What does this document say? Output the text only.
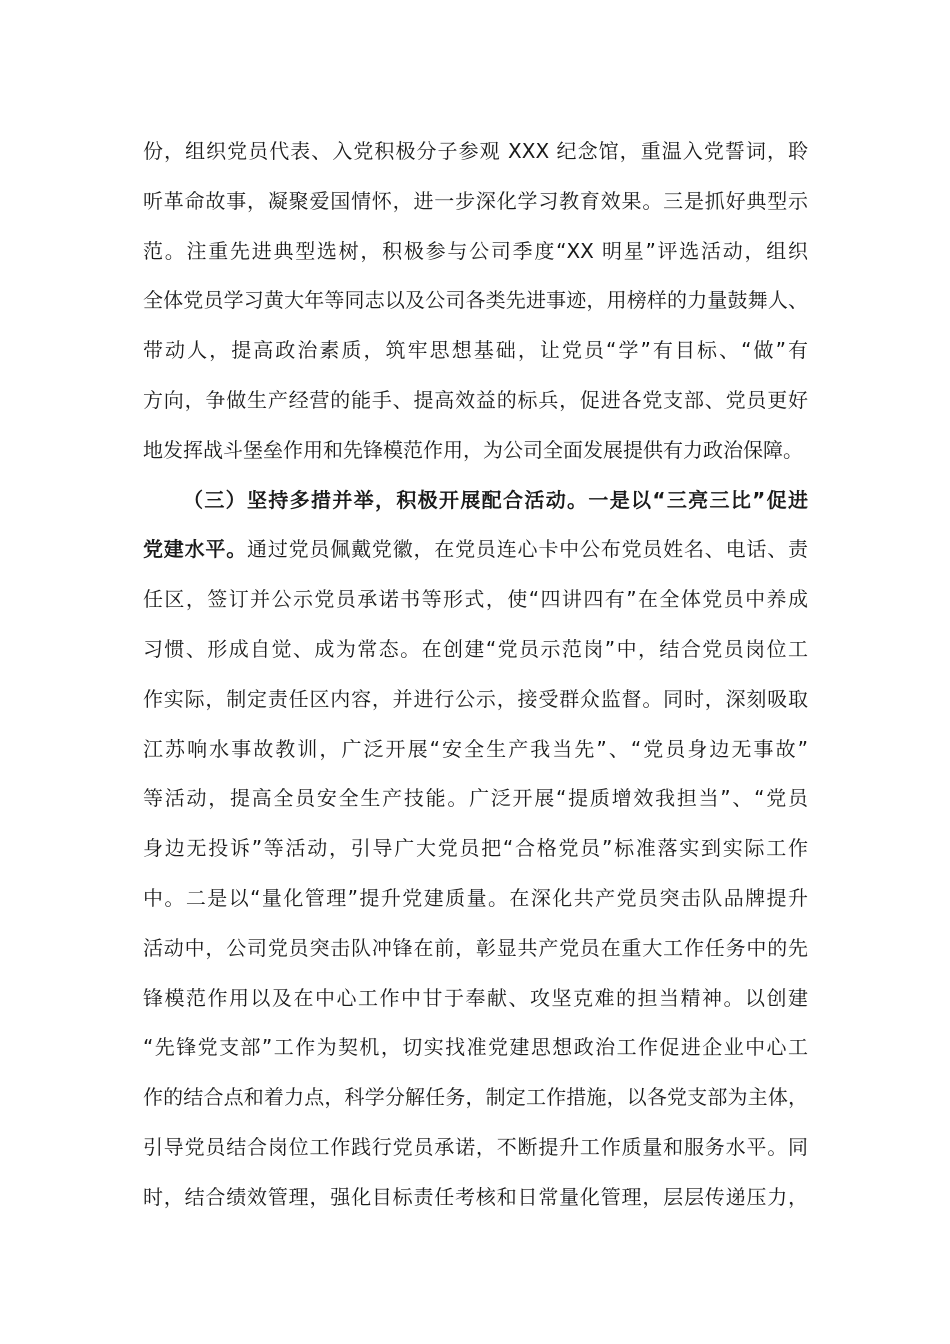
份，组织党员代表、入党积极分子参观 XXX 纪念馆，重温入党誓词，聆
听革命故事，凝聚爱国情怀，进一步深化学习教育效果。三是抓好典型示
范。注重先进典型选树，积极参与公司季度“XX 明星”评选活动，组织
全体党员学习黄大年等同志以及公司各类先进事迹，用榜样的力量鼓舞人、
带动人，提高政治素质，筑牢思想基础，让党员“学”有目标、“做”有
方向，争做生产经营的能手、提高效益的标兵，促进各党支部、党员更好
地发挥战斗堡垒作用和先锋模范作用，为公司全面发展提供有力政治保障。
（三）坚持多措并举，积极开展配合活动。一是以“三亮三比”促进
党建水平。通过党员佩戴党徽，在党员连心卡中公布党员姓名、电话、责
任区，签订并公示党员承诺书等形式，使“四讲四有”在全体党员中养成
习惯、形成自觉、成为常态。在创建“党员示范岗”中，结合党员岗位工
作实际，制定责任区内容，并进行公示，接受群众监督。同时，深刻吸取
江苏响水事故教训，广泛开展“安全生产我当先”、“党员身边无事故”
等活动，提高全员安全生产技能。广泛开展“提质增效我担当”、“党员
身边无投诉”等活动，引导广大党员把“合格党员”标准落实到实际工作
中。二是以“量化管理”提升党建质量。在深化共产党员突击队品牌提升
活动中，公司党员突击队冲锋在前，彰显共产党员在重大工作任务中的先
锋模范作用以及在中心工作中甘于奉献、攻坚克难的担当精神。以创建
“先锋党支部”工作为契机，切实找准党建思想政治工作促进企业中心工
作的结合点和着力点，科学分解任务，制定工作措施，以各党支部为主体，
引导党员结合岗位工作践行党员承诺，不断提升工作质量和服务水平。同
时，结合绩效管理，强化目标责任考核和日常量化管理，层层传递压力，
